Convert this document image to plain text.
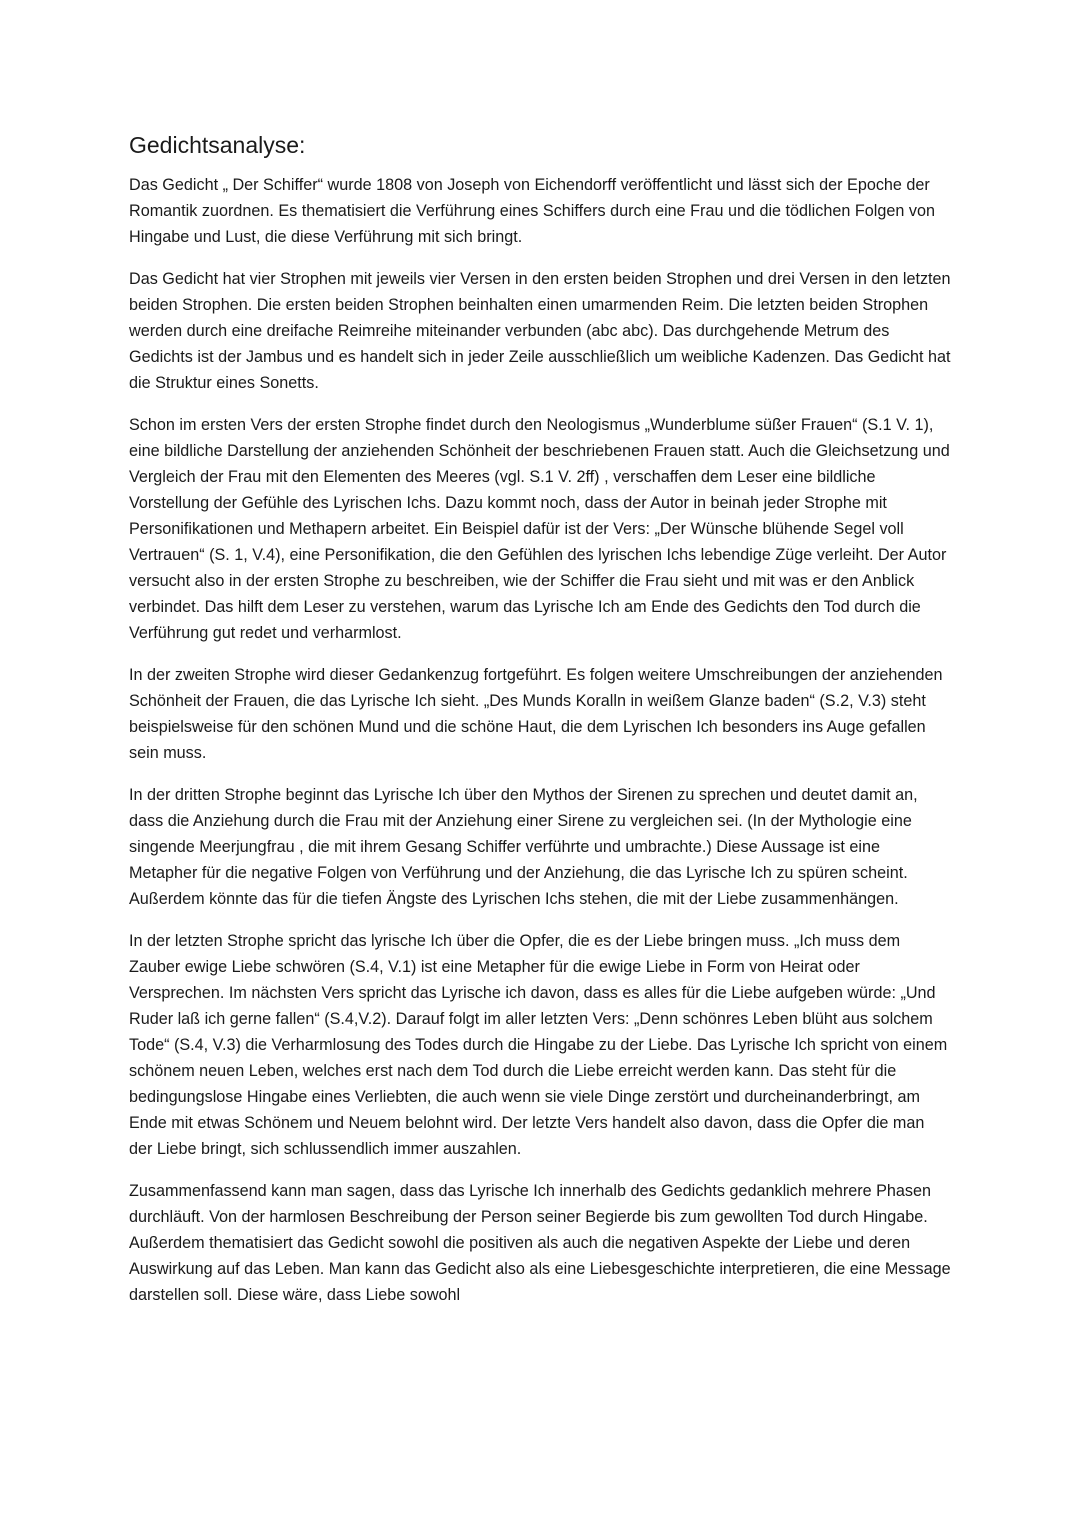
Gedichtsanalyse:

Das Gedicht „ Der Schiffer“ wurde 1808 von Joseph von Eichendorff veröffentlicht und lässt sich der Epoche der Romantik zuordnen. Es thematisiert die Verführung eines Schiffers durch eine Frau und die tödlichen Folgen von Hingabe und Lust, die diese Verführung mit sich bringt.

Das Gedicht hat vier Strophen mit jeweils vier Versen in den ersten beiden Strophen und drei Versen in den letzten beiden Strophen. Die ersten beiden Strophen beinhalten einen umarmenden Reim. Die letzten beiden Strophen werden durch eine dreifache Reimreihe miteinander verbunden (abc abc). Das durchgehende Metrum des Gedichts ist der Jambus und es handelt sich in jeder Zeile ausschließlich um weibliche Kadenzen. Das Gedicht hat die Struktur eines Sonetts.

Schon im ersten Vers der ersten Strophe findet durch den Neologismus „Wunderblume süßer Frauen“ (S.1 V. 1), eine bildliche Darstellung der anziehenden Schönheit der beschriebenen Frauen statt. Auch die Gleichsetzung und Vergleich der Frau mit den Elementen des Meeres (vgl. S.1 V. 2ff) , verschaffen dem Leser eine bildliche Vorstellung der Gefühle des Lyrischen Ichs. Dazu kommt noch, dass der Autor in beinah jeder Strophe mit Personifikationen und Methapern arbeitet. Ein Beispiel dafür ist der Vers: „Der Wünsche blühende Segel voll Vertrauen“ (S. 1, V.4), eine Personifikation, die den Gefühlen des lyrischen Ichs lebendige Züge verleiht. Der Autor versucht also in der ersten Strophe zu beschreiben, wie der Schiffer die Frau sieht und mit was er den Anblick verbindet. Das hilft dem Leser zu verstehen, warum das Lyrische Ich am Ende des Gedichts den Tod durch die Verführung gut redet und verharmlost.

In der zweiten Strophe wird dieser Gedankenzug fortgeführt. Es folgen weitere Umschreibungen der anziehenden Schönheit der Frauen, die das Lyrische Ich sieht. „Des Munds Koralln in weißem Glanze baden“ (S.2, V.3) steht beispielsweise für den schönen Mund und die schöne Haut, die dem Lyrischen Ich besonders ins Auge gefallen sein muss.

In der dritten Strophe beginnt das Lyrische Ich über den Mythos der Sirenen zu sprechen und deutet damit an, dass die Anziehung durch die Frau mit der Anziehung einer Sirene zu vergleichen sei. (In der Mythologie eine singende Meerjungfrau , die mit ihrem Gesang Schiffer verführte und umbrachte.) Diese Aussage ist eine Metapher für die negative Folgen von Verführung und der Anziehung, die das Lyrische Ich zu spüren scheint. Außerdem könnte das für die tiefen Ängste des Lyrischen Ichs stehen, die mit der Liebe zusammenhängen.

In der letzten Strophe spricht das lyrische Ich über die Opfer, die es der Liebe bringen muss. „Ich muss dem Zauber ewige Liebe schwören (S.4, V.1) ist eine Metapher für die ewige Liebe in Form von Heirat oder Versprechen. Im nächsten Vers spricht das Lyrische ich davon, dass es alles für die Liebe aufgeben würde: „Und Ruder laß ich gerne fallen“ (S.4,V.2). Darauf folgt im aller letzten Vers: „Denn schönres Leben blüht aus solchem Tode“ (S.4, V.3) die Verharmlosung des Todes durch die Hingabe zu der Liebe. Das Lyrische Ich spricht von einem schönem neuen Leben, welches erst nach dem Tod durch die Liebe erreicht werden kann. Das steht für die bedingungslose Hingabe eines Verliebten, die auch wenn sie viele Dinge zerstört und durcheinanderbringt, am Ende mit etwas Schönem und Neuem belohnt wird. Der letzte Vers handelt also davon, dass die Opfer die man der Liebe bringt, sich schlussendlich immer auszahlen.

Zusammenfassend kann man sagen, dass das Lyrische Ich innerhalb des Gedichts gedanklich mehrere Phasen durchläuft. Von der harmlosen Beschreibung der Person seiner Begierde bis zum gewollten Tod durch Hingabe. Außerdem thematisiert das Gedicht sowohl die positiven als auch die negativen Aspekte der Liebe und deren Auswirkung auf das Leben. Man kann das Gedicht also als eine Liebesgeschichte interpretieren, die eine Message darstellen soll. Diese wäre, dass Liebe sowohl
